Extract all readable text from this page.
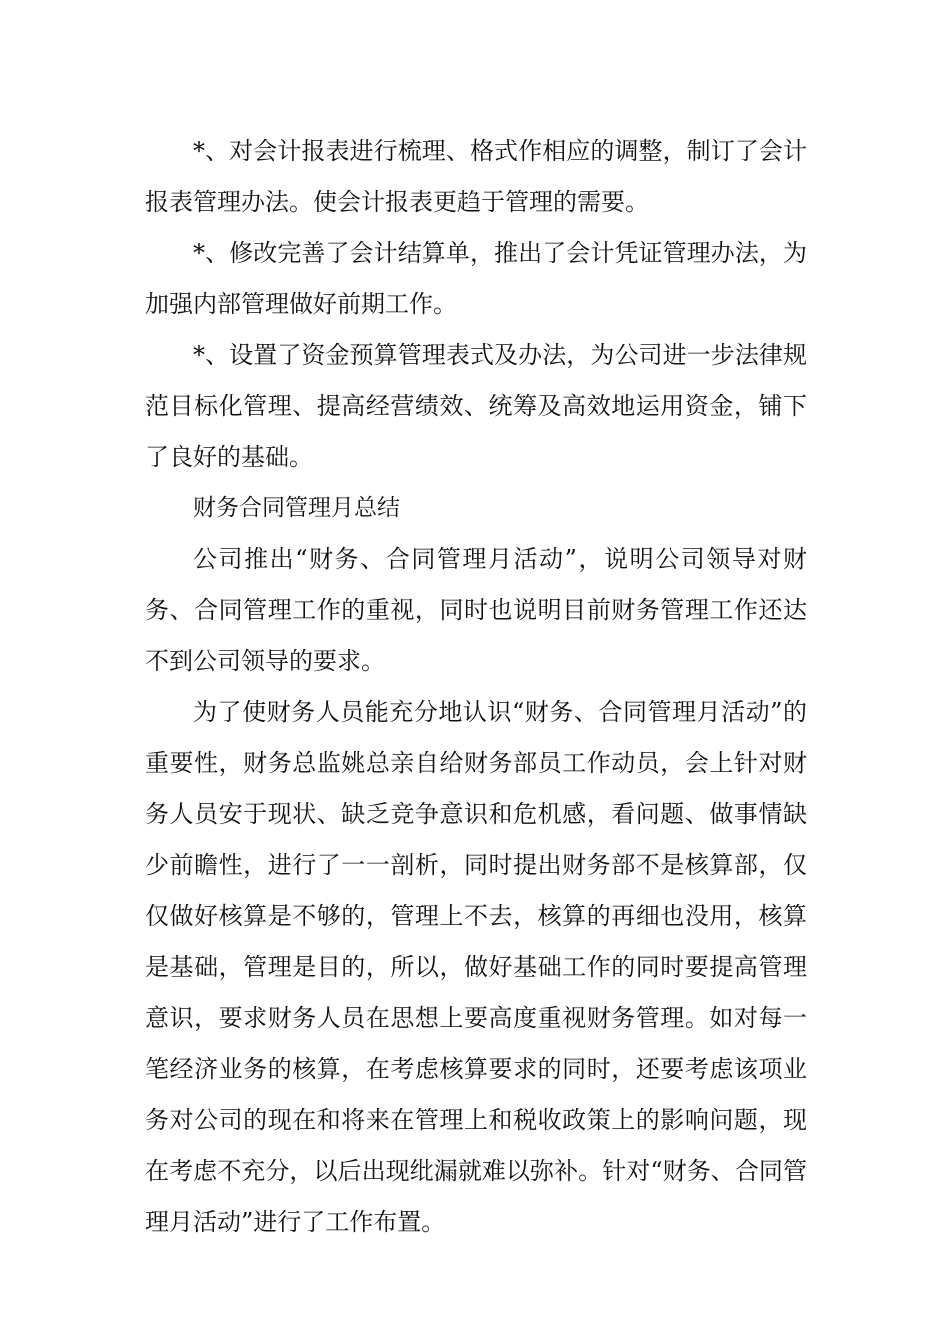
*、对会计报表进行梳理、格式作相应的调整，制订了会计报表管理办法。使会计报表更趋于管理的需要。

*、修改完善了会计结算单，推出了会计凭证管理办法，为加强内部管理做好前期工作。

*、设置了资金预算管理表式及办法，为公司进一步法律规范目标化管理、提高经营绩效、统筹及高效地运用资金，铺下了良好的基础。

财务合同管理月总结

公司推出“财务、合同管理月活动”，说明公司领导对财务、合同管理工作的重视，同时也说明目前财务管理工作还达不到公司领导的要求。

为了使财务人员能充分地认识“财务、合同管理月活动”的重要性，财务总监姚总亲自给财务部员工作动员，会上针对财务人员安于现状、缺乏竞争意识和危机感，看问题、做事情缺少前瞻性，进行了一一剖析，同时提出财务部不是核算部，仅仅做好核算是不够的，管理上不去，核算的再细也没用，核算是基础，管理是目的，所以，做好基础工作的同时要提高管理意识，要求财务人员在思想上要高度重视财务管理。如对每一笔经济业务的核算，在考虑核算要求的同时，还要考虑该项业务对公司的现在和将来在管理上和税收政策上的影响问题，现在考虑不充分，以后出现纰漏就难以弥补。针对“财务、合同管理月活动”进行了工作布置。
